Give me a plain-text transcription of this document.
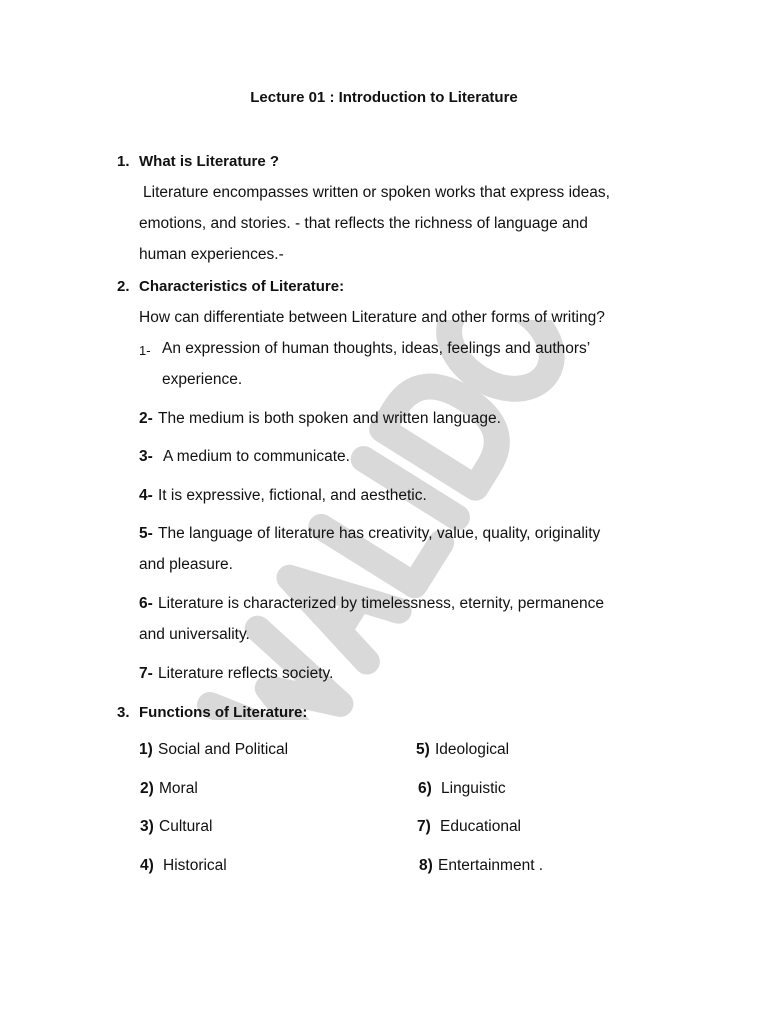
Lecture 01 : Introduction to Literature
1. What is Literature ?
Literature encompasses written or spoken works that express ideas,
emotions, and stories. - that reflects the richness of language and
human experiences.-
2. Characteristics of Literature:
How can differentiate between Literature and other forms of writing?
1- An expression of human thoughts, ideas, feelings and authors’
experience.
2- The medium is both spoken and written language.
3- A medium to communicate.
4- It is expressive, fictional, and aesthetic.
5- The language of literature has creativity, value, quality, originality
and pleasure.
6- Literature is characterized by timelessness, eternity, permanence
and universality.
7- Literature reflects society.
3. Functions of Literature:
1) Social and Political
2) Moral
3) Cultural
4) Historical
5) Ideological
6) Linguistic
7) Educational
8) Entertainment .
